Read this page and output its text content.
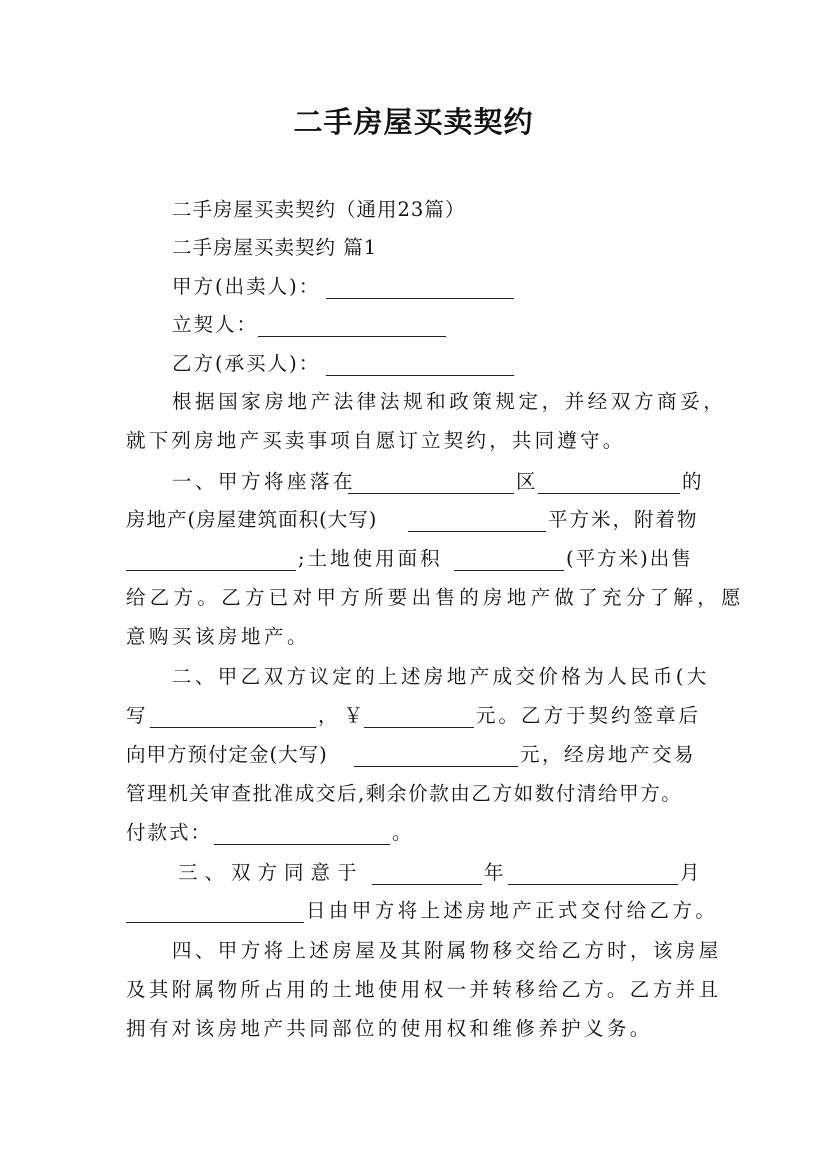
二手房屋买卖契约
二手房屋买卖契约（通用23篇）
二手房屋买卖契约 篇1
甲方(出卖人)：
立契人：
乙方(承买人)：
根据国家房地产法律法规和政策规定，并经双方商妥，
就下列房地产买卖事项自愿订立契约，共同遵守。
一、甲方将座落在	区	的
房地产(房屋建筑面积(大写)	平方米，附着物
;土地使用面积	(平方米)出售
给乙方。乙方已对甲方所要出售的房地产做了充分了解，愿
意购买该房地产。
二、甲乙双方议定的上述房地产成交价格为人民币(大
写	，￥	元。乙方于契约签章后
向甲方预付定金(大写)	元，经房地产交易
管理机关审查批准成交后,剩余价款由乙方如数付清给甲方。
付款式：	。
三、双方同意于	年	月
日由甲方将上述房地产正式交付给乙方。
四、甲方将上述房屋及其附属物移交给乙方时，该房屋
及其附属物所占用的土地使用权一并转移给乙方。乙方并且
拥有对该房地产共同部位的使用权和维修养护义务。
